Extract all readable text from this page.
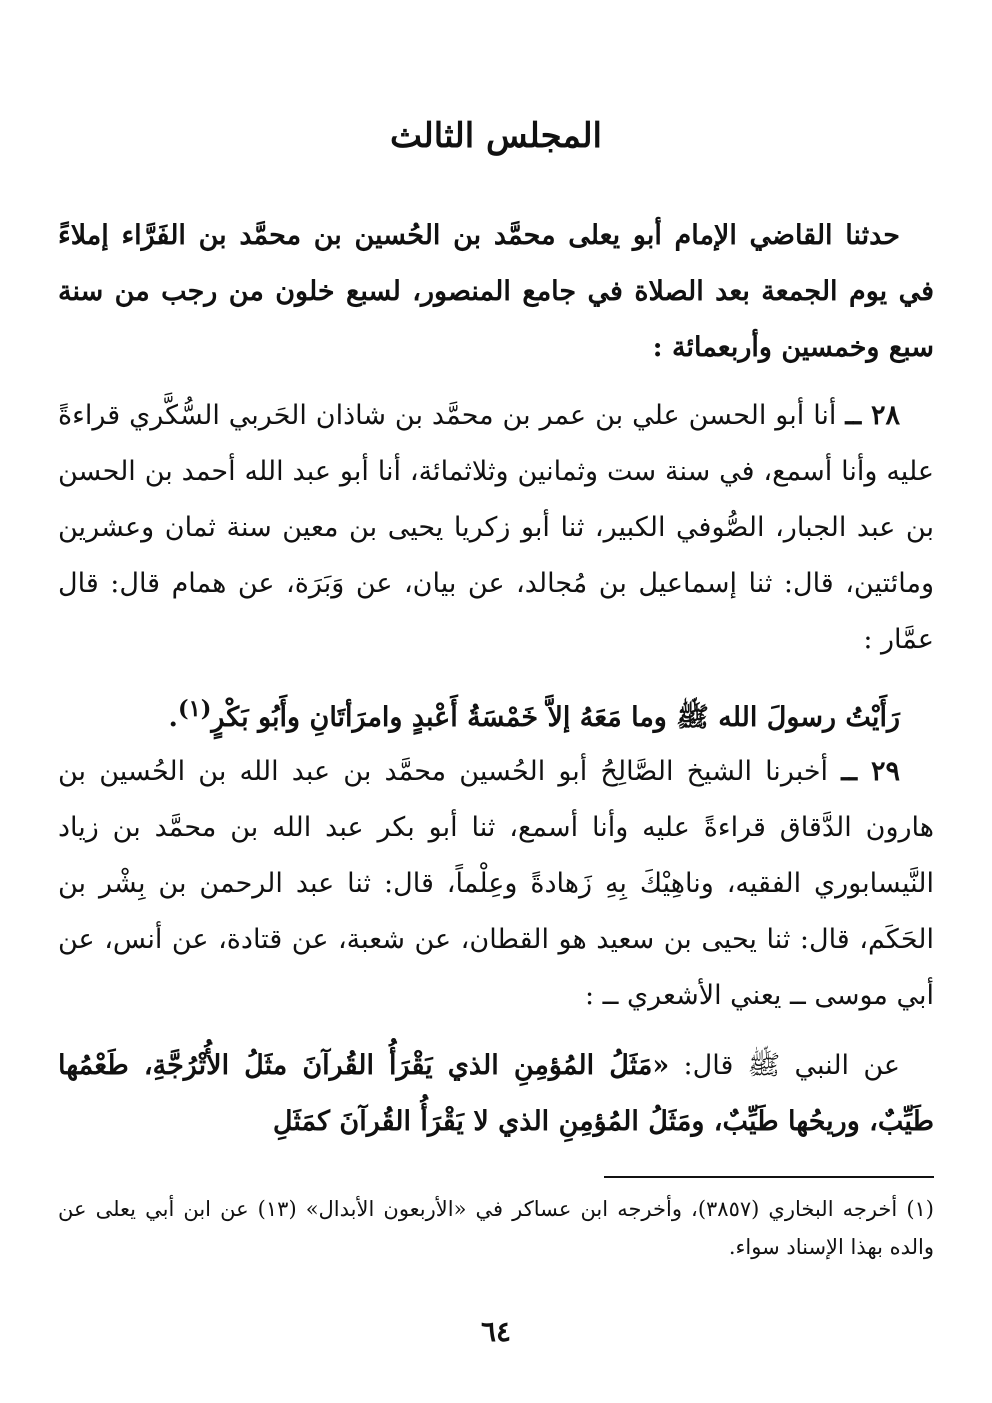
المجلس الثالث
حدثنا القاضي الإمام أبو يعلى محمَّد بن الحُسين بن محمَّد بن الفَرَّاء إملاءً في يوم الجمعة بعد الصلاة في جامع المنصور، لسبع خلون من رجب من سنة سبع وخمسين وأربعمائة :
٢٨ ــ أنا أبو الحسن علي بن عمر بن محمَّد بن شاذان الحَربي السُّكَّري قراءةً عليه وأنا أسمع، في سنة ست وثمانين وثلاثمائة، أنا أبو عبد الله أحمد بن الحسن بن عبد الجبار، الصُّوفي الكبير، ثنا أبو زكريا يحيى بن معين سنة ثمان وعشرين ومائتين، قال: ثنا إسماعيل بن مُجالد، عن بيان، عن وَبَرَة، عن همام قال: قال عمَّار :
رَأَيْتُ رسولَ الله ﷺ وما مَعَهُ إلاَّ خَمْسَةُ أَعْبدٍ وامرَأتَانِ وأَبُو بَكْرٍ$^{(١)}$.
٢٩ ــ أخبرنا الشيخ الصَّالِحُ أبو الحُسين محمَّد بن عبد الله بن الحُسين بن هارون الدَّقاق قراءةً عليه وأنا أسمع، ثنا أبو بكر عبد الله بن محمَّد بن زياد النَّيسابوري الفقيه، وناهِيْكَ بِهِ زَهادةً وعِلْماً، قال: ثنا عبد الرحمن بن بِشْر بن الحَكَم، قال: ثنا يحيى بن سعيد هو القطان، عن شعبة، عن قتادة، عن أنس، عن أبي موسى ــ يعني الأشعري ــ :
عن النبي ﷺ قال: «مَثَلُ المُؤمِنِ الذي يَقْرَأُ القُرآنَ مثَلُ الأُتْرُجَّةِ، طَعْمُها طَيِّبٌ، وريحُها طَيِّبٌ، ومَثَلُ المُؤمِنِ الذي لا يَقْرَأُ القُرآنَ كمَثَلِ
(١) أخرجه البخاري (٣٨٥٧)، وأخرجه ابن عساكر في «الأربعون الأبدال» (١٣) عن ابن أبي يعلى عن والده بهذا الإسناد سواء.
٦٤
